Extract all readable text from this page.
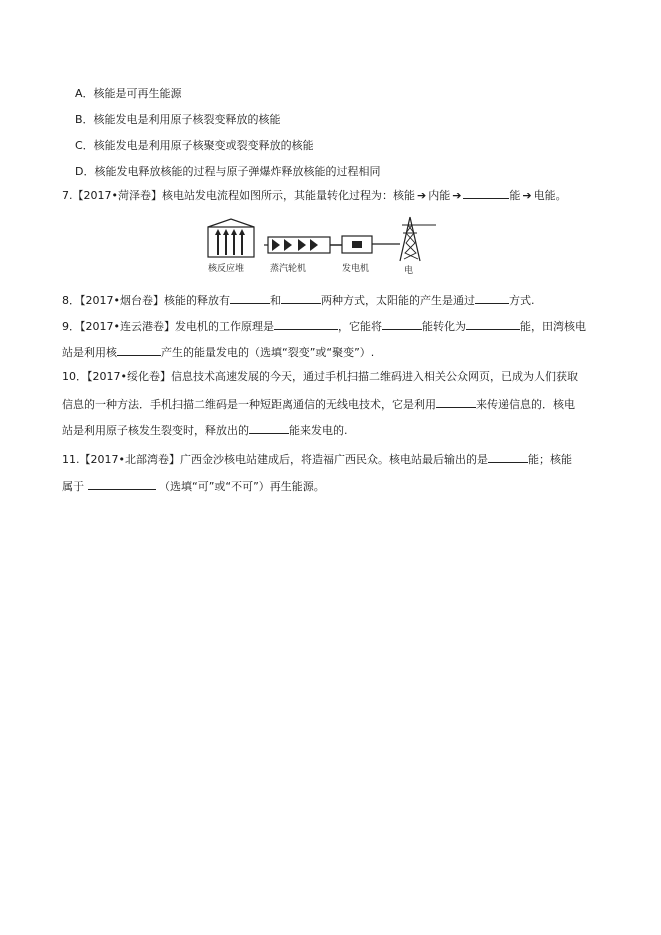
A．核能是可再生能源
B．核能发电是利用原子核裂变释放的核能
C．核能发电是利用原子核聚变或裂变释放的核能
D．核能发电释放核能的过程与原子弹爆炸释放核能的过程相同
7.【2017•菏泽卷】核电站发电流程如图所示，其能量转化过程为：核能 ➔ 内能 ➔	能 ➔ 电能。
核反应堆	蒸汽轮机	发电机	电
8．【2017•烟台卷】核能的释放有	和	两种方式，太阳能的产生是通过	方式.
9．【2017•连云港卷】发电机的工作原理是	，它能将	能转化为	能，田湾核电
站是利用核	产生的能量发电的（选填“裂变”或“聚变”）.
10．【2017•绥化卷】信息技术高速发展的今天，通过手机扫描二维码进入相关公众网页，已成为人们获取
信息的一种方法．手机扫描二维码是一种短距离通信的无线电技术，它是利用	来传递信息的．核电
站是利用原子核发生裂变时，释放出的	能来发电的.
11.【2017•北部湾卷】广西金沙核电站建成后，将造福广西民众。核电站最后输出的是	能；核能
属于	（选填“可”或“不可”）再生能源。
